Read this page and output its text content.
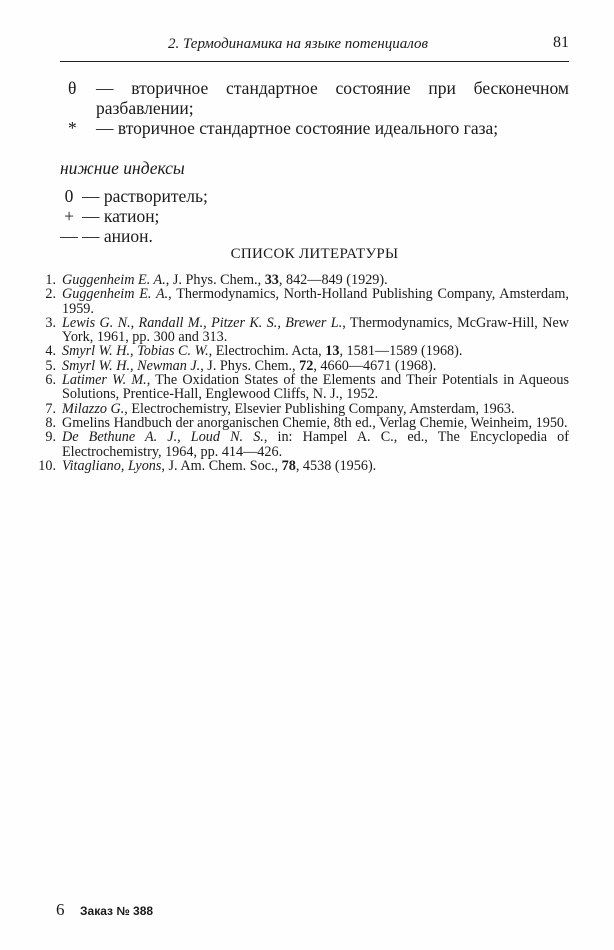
2. Термодинамика на языке потенциалов	81
θ — вторичное стандартное состояние при бесконечном разбавлении;
* — вторичное стандартное состояние идеального газа;
нижние индексы
0 — растворитель;
+ — катион;
— — анион.
СПИСОК ЛИТЕРАТУРЫ
1. Guggenheim E. A., J. Phys. Chem., 33, 842—849 (1929).
2. Guggenheim E. A., Thermodynamics, North-Holland Publishing Company, Amsterdam, 1959.
3. Lewis G. N., Randall M., Pitzer K. S., Brewer L., Thermodynamics, McGraw-Hill, New York, 1961, pp. 300 and 313.
4. Smyrl W. H., Tobias C. W., Electrochim. Acta, 13, 1581—1589 (1968).
5. Smyrl W. H., Newman J., J. Phys. Chem., 72, 4660—4671 (1968).
6. Latimer W. M., The Oxidation States of the Elements and Their Potentials in Aqueous Solutions, Prentice-Hall, Englewood Cliffs, N. J., 1952.
7. Milazzo G., Electrochemistry, Elsevier Publishing Company, Amsterdam, 1963.
8. Gmelins Handbuch der anorganischen Chemie, 8th ed., Verlag Chemie, Weinheim, 1950.
9. De Bethune A. J., Loud N. S., in: Hampel A. C., ed., The Encyclopedia of Electrochemistry, 1964, pp. 414—426.
10. Vitagliano, Lyons, J. Am. Chem. Soc., 78, 4538 (1956).
6 Заказ № 388
